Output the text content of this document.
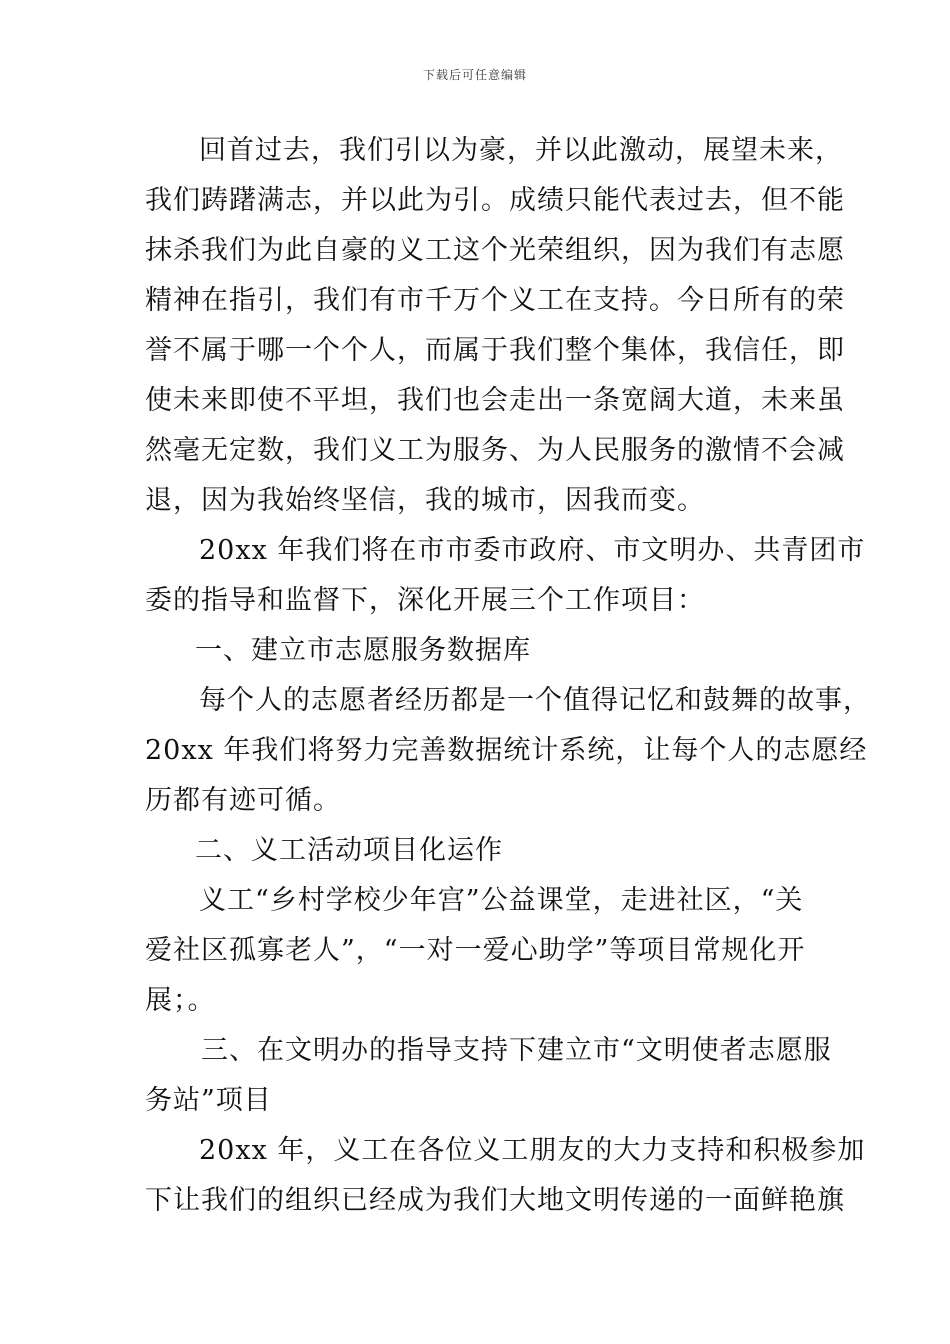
下载后可任意编辑
回首过去，我们引以为豪，并以此激动，展望未来，
我们踌躇满志，并以此为引。成绩只能代表过去，但不能
抹杀我们为此自豪的义工这个光荣组织，因为我们有志愿
精神在指引，我们有市千万个义工在支持。今日所有的荣
誉不属于哪一个个人，而属于我们整个集体，我信任，即
使未来即使不平坦，我们也会走出一条宽阔大道，未来虽
然毫无定数，我们义工为服务、为人民服务的激情不会减
退，因为我始终坚信，我的城市，因我而变。
20xx 年我们将在市市委市政府、市文明办、共青团市
委的指导和监督下，深化开展三个工作项目：
一、建立市志愿服务数据库
每个人的志愿者经历都是一个值得记忆和鼓舞的故事，
20xx 年我们将努力完善数据统计系统，让每个人的志愿经
历都有迹可循。
二、义工活动项目化运作
义工“乡村学校少年宫”公益课堂，走进社区，“关
爱社区孤寡老人”，“一对一爱心助学”等项目常规化开
展；。
三、在文明办的指导支持下建立市“文明使者志愿服
务站”项目
20xx 年，义工在各位义工朋友的大力支持和积极参加
下让我们的组织已经成为我们大地文明传递的一面鲜艳旗
